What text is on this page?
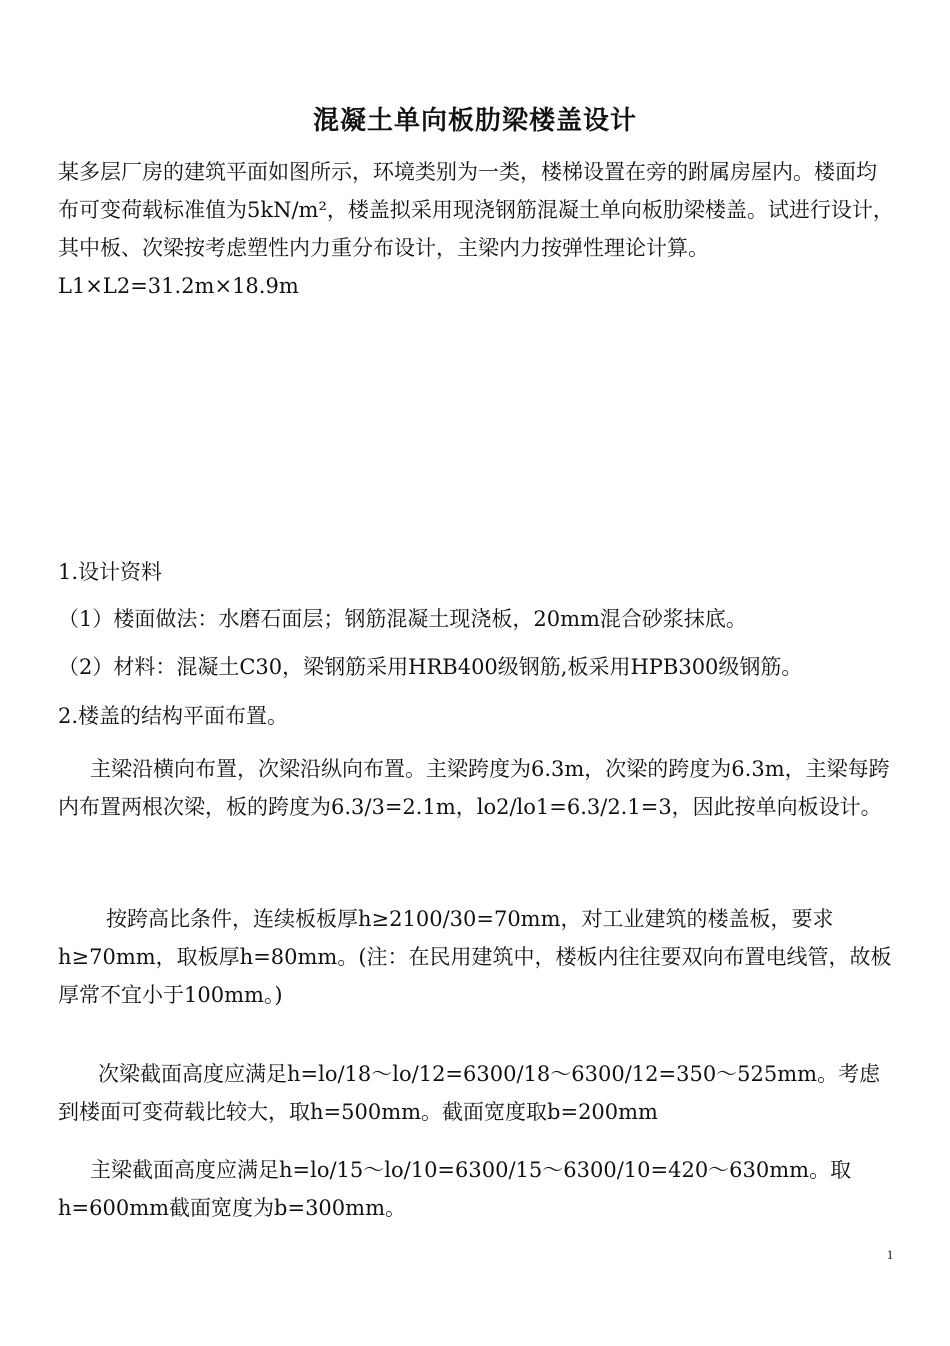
混凝土单向板肋梁楼盖设计
某多层厂房的建筑平面如图所示，环境类别为一类，楼梯设置在旁的跗属房屋内。楼面均布可变荷载标准值为5kN/m²，楼盖拟采用现浇钢筋混凝土单向板肋梁楼盖。试进行设计，其中板、次梁按考虑塑性内力重分布设计，主梁内力按弹性理论计算。L1×L2=31.2m×18.9m
1.设计资料
（1）楼面做法：水磨石面层；钢筋混凝土现浇板，20mm混合砂浆抹底。
（2）材料：混凝土C30，梁钢筋采用HRB400级钢筋,板采用HPB300级钢筋。
2.楼盖的结构平面布置。
主梁沿横向布置，次梁沿纵向布置。主梁跨度为6.3m，次梁的跨度为6.3m，主梁每跨内布置两根次梁，板的跨度为6.3/3=2.1m，lo2/lo1=6.3/2.1=3，因此按单向板设计。
按跨高比条件，连续板板厚h≥2100/30=70mm，对工业建筑的楼盖板，要求h≥70mm，取板厚h=80mm。(注：在民用建筑中，楼板内往往要双向布置电线管，故板厚常不宜小于100mm。)
次梁截面高度应满足h=lo/18～lo/12=6300/18～6300/12=350～525mm。考虑到楼面可变荷载比较大，取h=500mm。截面宽度取b=200mm
主梁截面高度应满足h=lo/15～lo/10=6300/15～6300/10=420～630mm。取h=600mm截面宽度为b=300mm。
1
